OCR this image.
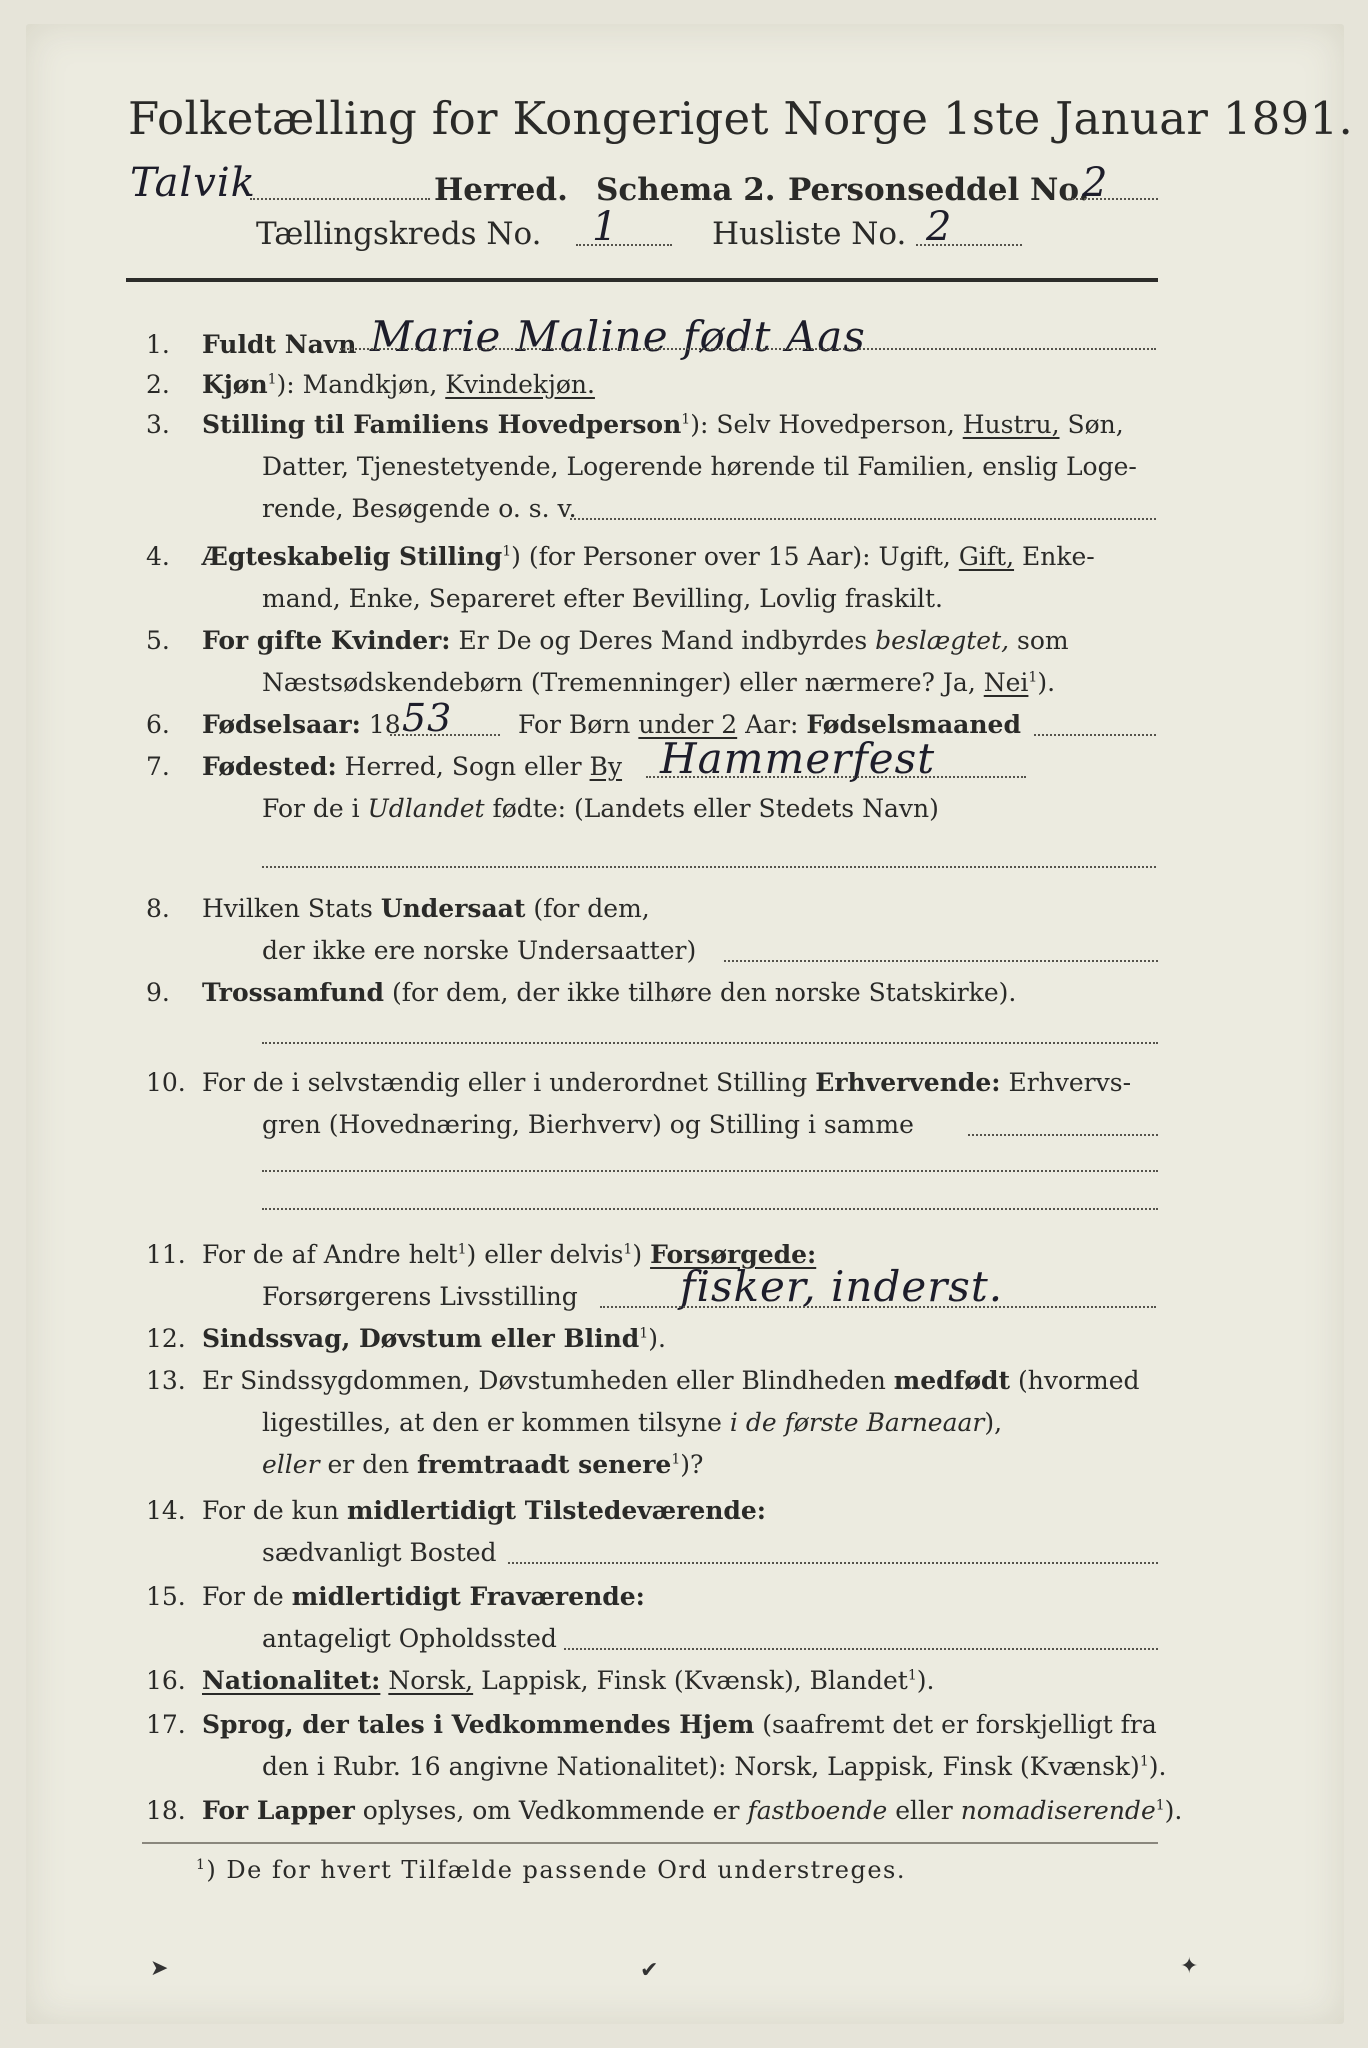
Folketælling for Kongeriget Norge 1ste Januar 1891.
Talvik	Herred. Schema 2. Personseddel No.
2
Tællingskreds No. 1	Husliste No. 2
1.	Fuldt Navn Marie Maline født Aas
2.	Kjøn$^1$): Mandkjøn, Kvindekjøn.
3.	Stilling til Familiens Hovedperson$^1$): Selv Hovedperson, Hustru, Søn,
Datter, Tjenestetyende, Logerende hørende til Familien, enslig Loge-
rende, Besøgende o. s. v.
4.	Ægteskabelig Stilling$^1$) (for Personer over 15 Aar): Ugift, Gift, Enke-
mand, Enke, Separeret efter Bevilling, Lovlig fraskilt.
5.	For gifte Kvinder: Er De og Deres Mand indbyrdes beslægtet, som
Næstsødskendebørn (Tremenninger) eller nærmere? Ja, Nei$^1$).
6.	Fødselsaar: 18 53	For Børn under 2 Aar: Fødselsmaaned
7.	Fødested: Herred, Sogn eller By Hammerfest
For de i Udlandet fødte: (Landets eller Stedets Navn)
8.	Hvilken Stats Undersaat (for dem,
der ikke ere norske Undersaatter)
9.	Trossamfund (for dem, der ikke tilhøre den norske Statskirke).
10. For de i selvstændig eller i underordnet Stilling Erhvervende: Erhvervs-
gren (Hovednæring, Bierhverv) og Stilling i samme
11. For de af Andre helt$^1$) eller delvis$^1$) Forsørgede:
Forsørgerens Livsstilling fisker, inderst.
12. Sindssvag, Døvstum eller Blind$^1$).
13. Er Sindssygdommen, Døvstumheden eller Blindheden medfødt (hvormed
ligestilles, at den er kommen tilsyne i de første Barneaar),
eller er den fremtraadt senere$^1$)?
14. For de kun midlertidigt Tilstedeværende:
sædvanligt Bosted
15. For de midlertidigt Fraværende:
antageligt Opholdssted
16. Nationalitet: Norsk, Lappisk, Finsk (Kvænsk), Blandet$^1$).
17. Sprog, der tales i Vedkommendes Hjem (saafremt det er forskjelligt fra
den i Rubr. 16 angivne Nationalitet): Norsk, Lappisk, Finsk (Kvænsk)$^1$).
18. For Lapper oplyses, om Vedkommende er fastboende eller nomadiserende$^1$).
$^1$) De for hvert Tilfælde passende Ord understreges.
➤	✔	✦
